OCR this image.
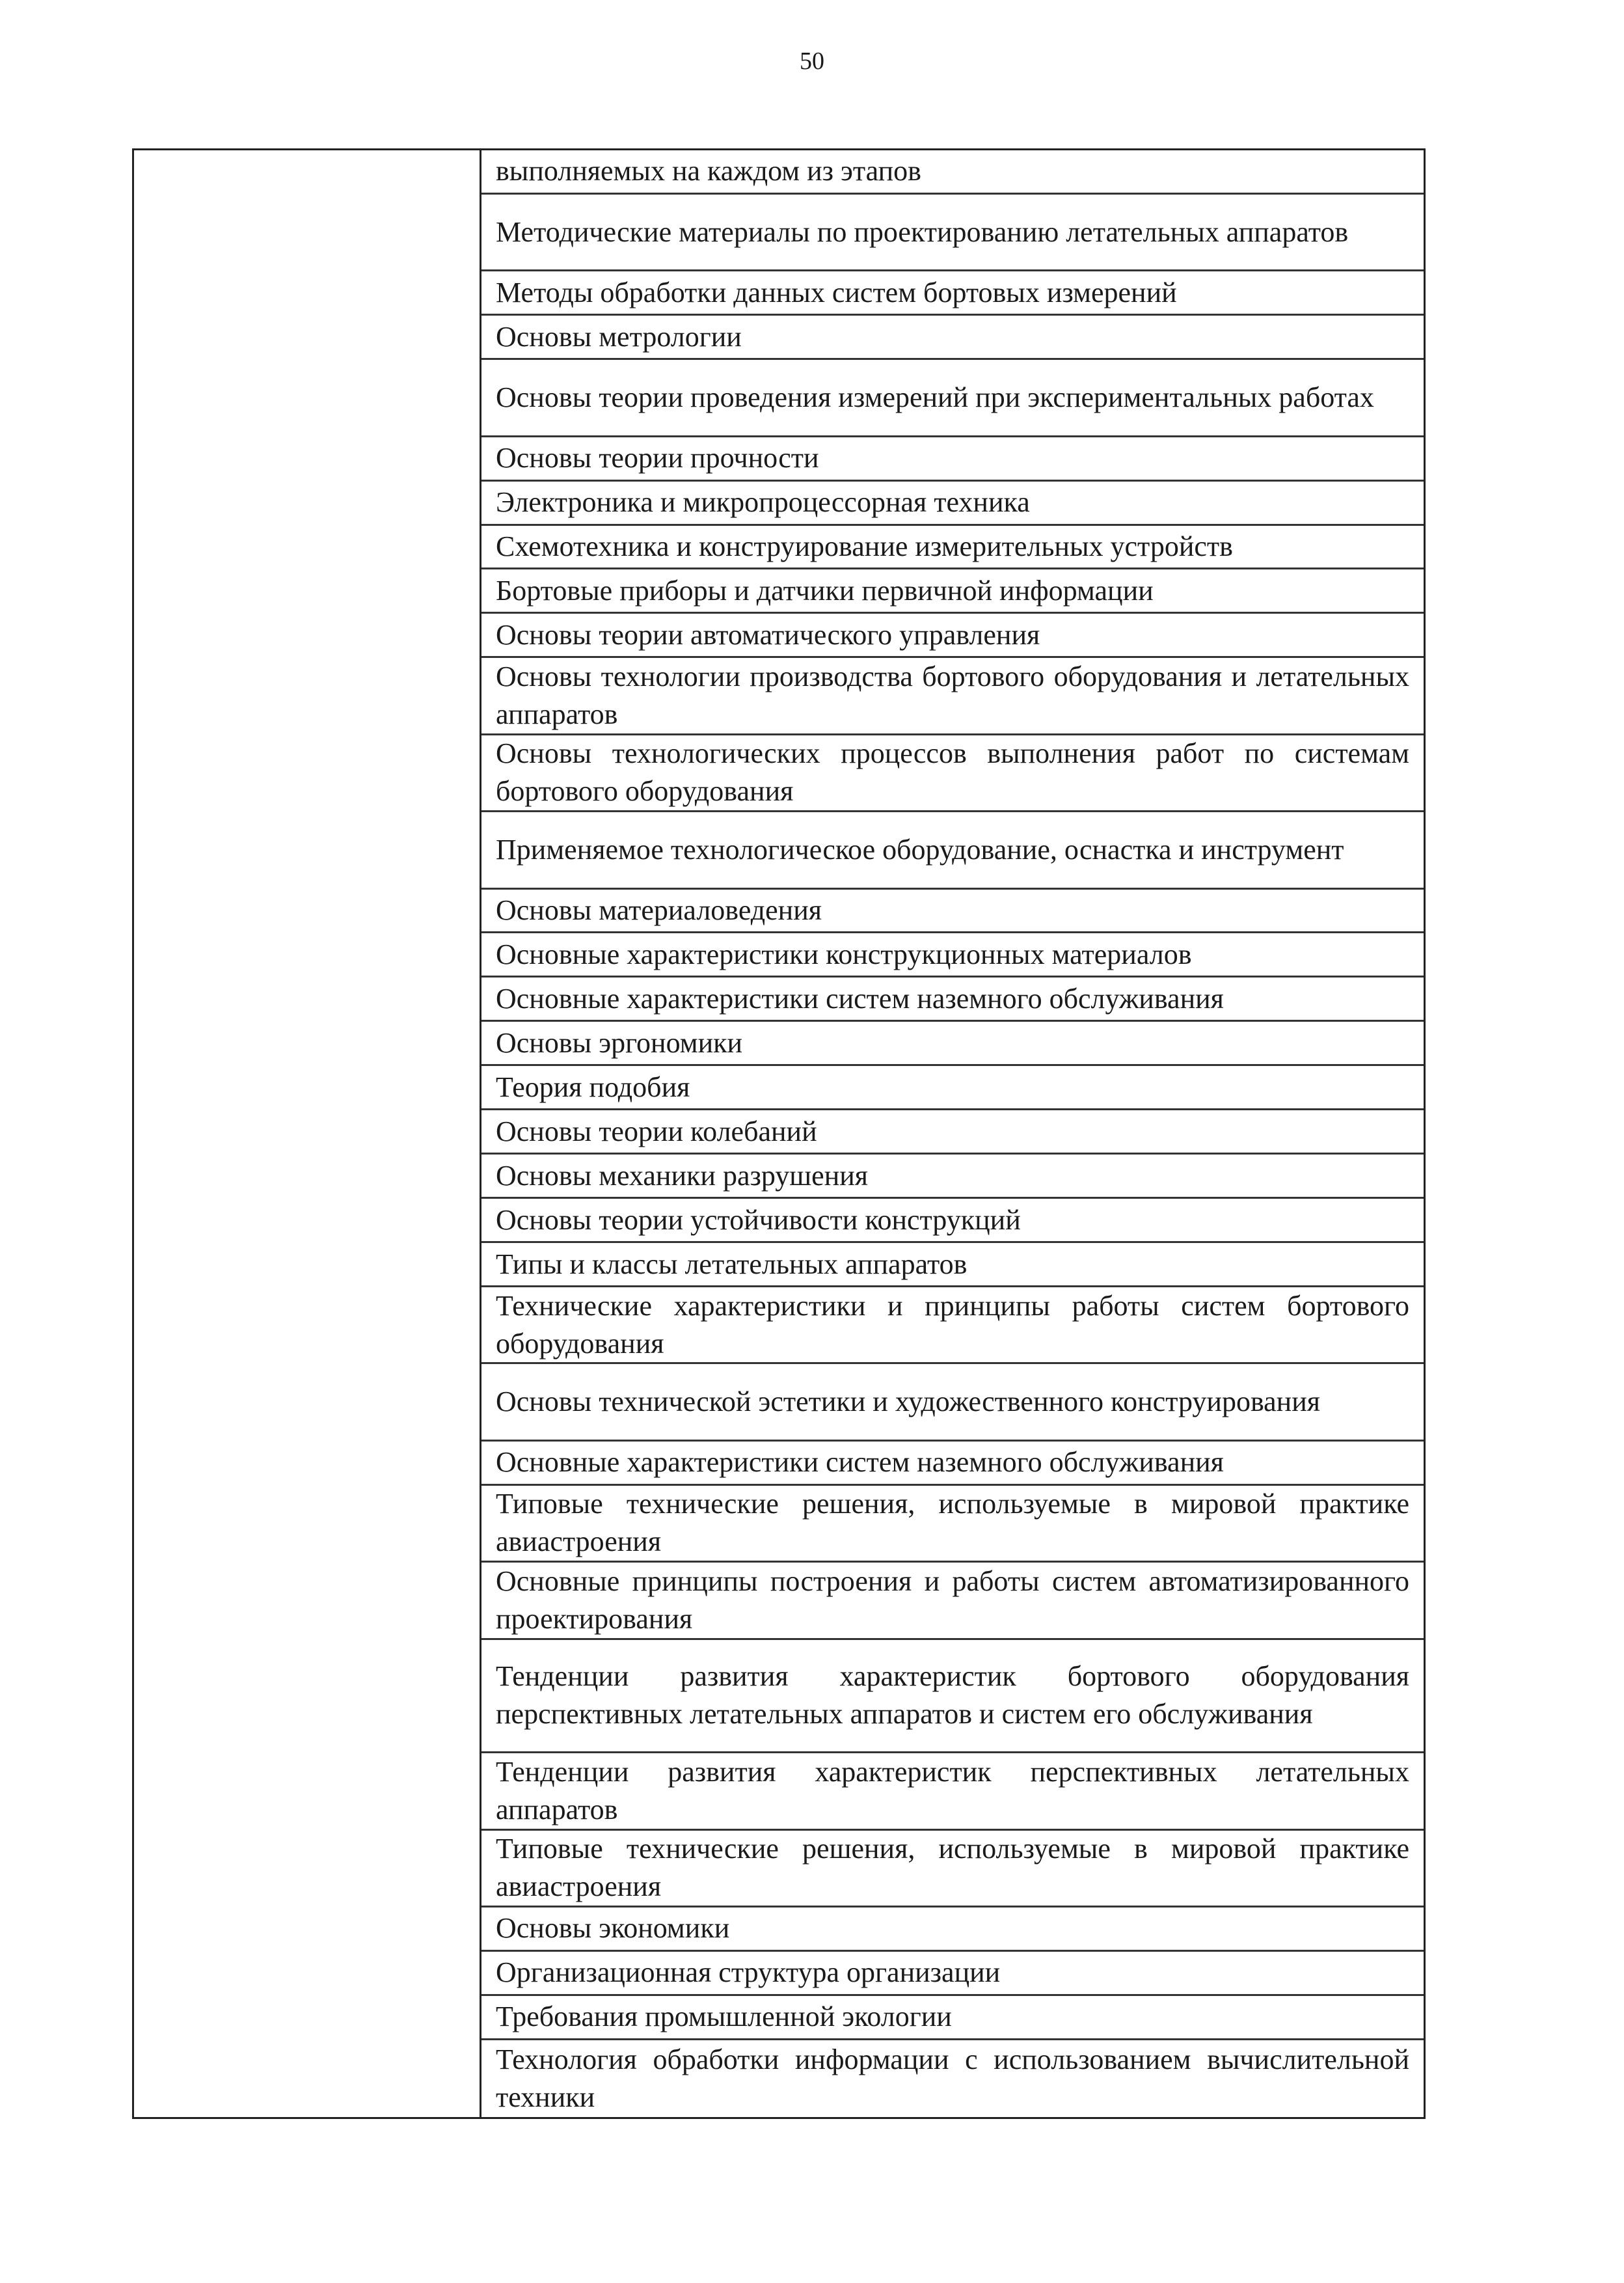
50
выполняемых на каждом из этапов
Методические материалы по проектированию летательных аппаратов
Методы обработки данных систем бортовых измерений
Основы метрологии
Основы теории проведения измерений при экспериментальных работах
Основы теории прочности
Электроника и микропроцессорная техника
Схемотехника и конструирование измерительных устройств
Бортовые приборы и датчики первичной информации
Основы теории автоматического управления
Основы технологии производства бортового оборудования и летательных аппаратов
Основы технологических процессов выполнения работ по системам бортового оборудования
Применяемое технологическое оборудование, оснастка и инструмент
Основы материаловедения
Основные характеристики конструкционных материалов
Основные характеристики систем наземного обслуживания
Основы эргономики
Теория подобия
Основы теории колебаний
Основы механики разрушения
Основы теории устойчивости конструкций
Типы и классы летательных аппаратов
Технические характеристики и принципы работы систем бортового оборудования
Основы технической эстетики и художественного конструирования
Основные характеристики систем наземного обслуживания
Типовые технические решения, используемые в мировой практике авиастроения
Основные принципы построения и работы систем автоматизированного проектирования
Тенденции развития характеристик бортового оборудования перспективных летательных аппаратов и систем его обслуживания
Тенденции развития характеристик перспективных летательных аппаратов
Типовые технические решения, используемые в мировой практике авиастроения
Основы экономики
Организационная структура организации
Требования промышленной экологии
Технология обработки информации с использованием вычислительной техники
